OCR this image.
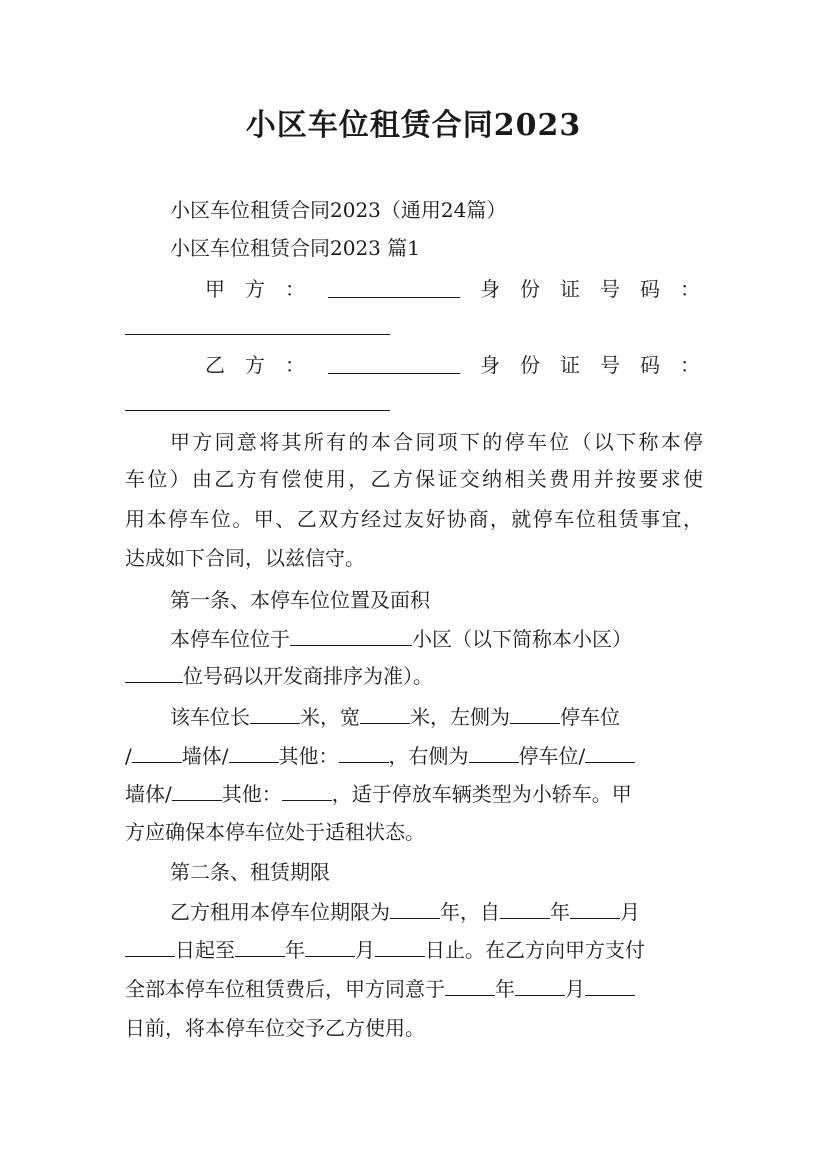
小区车位租赁合同2023
小区车位租赁合同2023（通用24篇）
小区车位租赁合同2023 篇1
甲方：	身份证号码：
乙方：	身份证号码：
甲方同意将其所有的本合同项下的停车位（以下称本停
车位）由乙方有偿使用，乙方保证交纳相关费用并按要求使
用本停车位。甲、乙双方经过友好协商，就停车位租赁事宜，
达成如下合同，以兹信守。
第一条、本停车位位置及面积
本停车位位于	小区（以下简称本小区）
位号码以开发商排序为准）。
该车位长	米，宽	米，左侧为	停车位
/	墙体/	其他：	，右侧为	停车位/
墙体/	其他：	，适于停放车辆类型为小轿车。甲
方应确保本停车位处于适租状态。
第二条、租赁期限
乙方租用本停车位期限为	年，自	年	月
日起至	年	月	日止。在乙方向甲方支付
全部本停车位租赁费后，甲方同意于	年	月
日前，将本停车位交予乙方使用。
